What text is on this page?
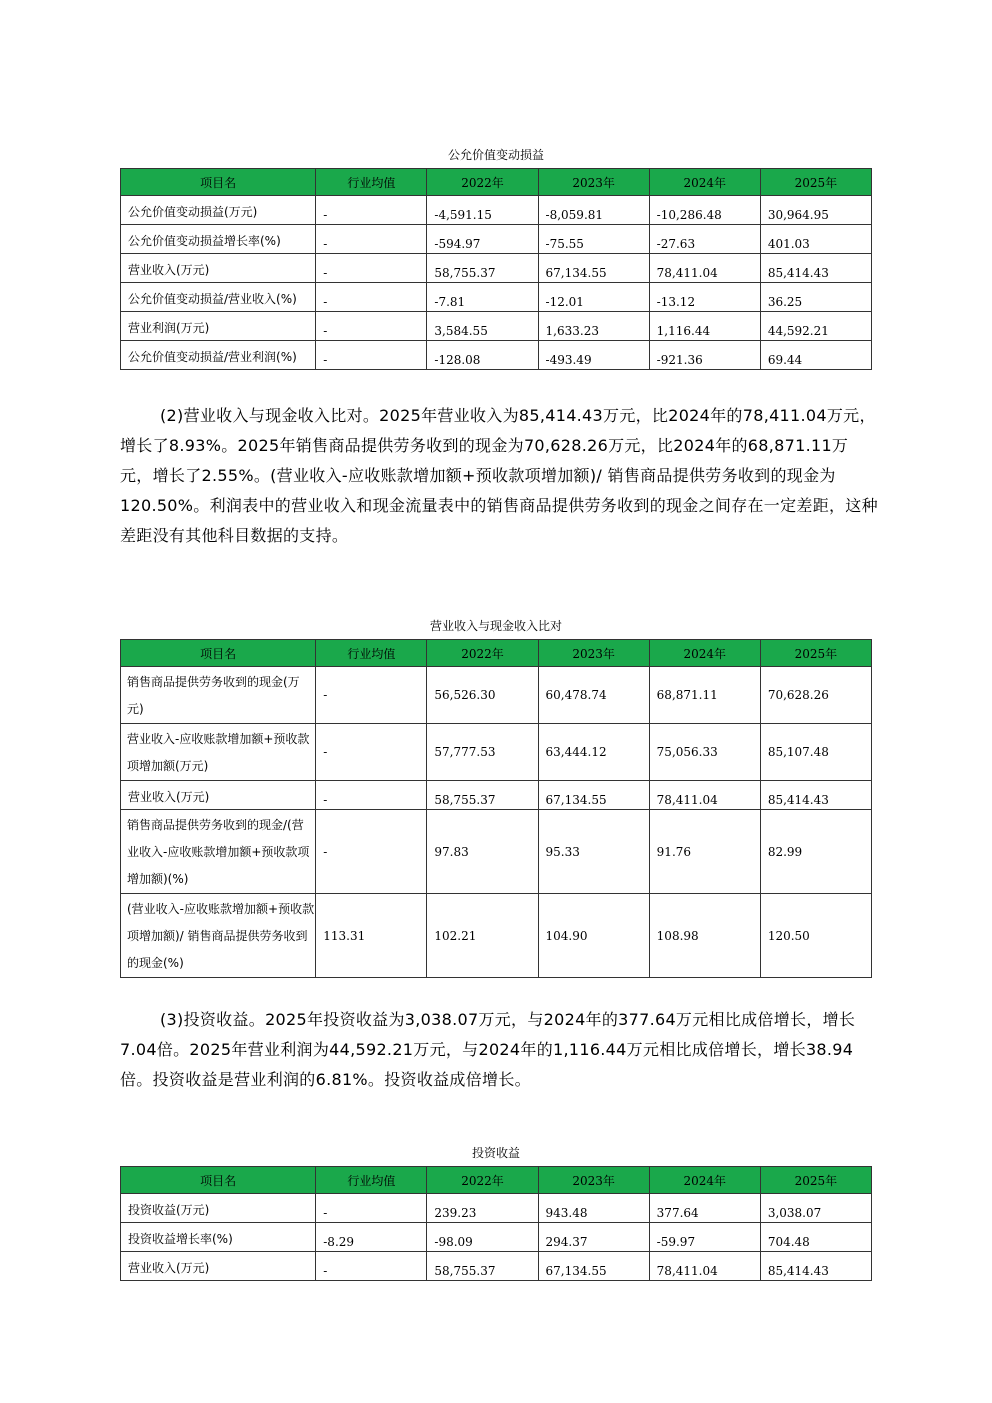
公允价值变动损益
项目名	行业均值	2022年	2023年	2024年	2025年
公允价值变动损益(万元)	-	-4,591.15	-8,059.81	-10,286.48	30,964.95
公允价值变动损益增长率(%)	-	-594.97	-75.55	-27.63	401.03
营业收入(万元)	-	58,755.37	67,134.55	78,411.04	85,414.43
公允价值变动损益/营业收入(%)	-	-7.81	-12.01	-13.12	36.25
营业利润(万元)	-	3,584.55	1,633.23	1,116.44	44,592.21
公允价值变动损益/营业利润(%)	-	-128.08	-493.49	-921.36	69.44
(2)营业收入与现金收入比对。2025年营业收入为85,414.43万元，比2024年的78,411.04万元，增长了8.93%。2025年销售商品提供劳务收到的现金为70,628.26万元，比2024年的68,871.11万元，增长了2.55%。(营业收入-应收账款增加额+预收款项增加额)/ 销售商品提供劳务收到的现金为120.50%。利润表中的营业收入和现金流量表中的销售商品提供劳务收到的现金之间存在一定差距，这种差距没有其他科目数据的支持。
营业收入与现金收入比对
项目名	行业均值	2022年	2023年	2024年	2025年
销售商品提供劳务收到的现金(万元)	-	56,526.30	60,478.74	68,871.11	70,628.26
营业收入-应收账款增加额+预收款项增加额(万元)	-	57,777.53	63,444.12	75,056.33	85,107.48
营业收入(万元)	-	58,755.37	67,134.55	78,411.04	85,414.43
销售商品提供劳务收到的现金/(营业收入-应收账款增加额+预收款项增加额)(%)	-	97.83	95.33	91.76	82.99
(营业收入-应收账款增加额+预收款项增加额)/ 销售商品提供劳务收到的现金(%)	113.31	102.21	104.90	108.98	120.50
(3)投资收益。2025年投资收益为3,038.07万元，与2024年的377.64万元相比成倍增长，增长7.04倍。2025年营业利润为44,592.21万元，与2024年的1,116.44万元相比成倍增长，增长38.94倍。投资收益是营业利润的6.81%。投资收益成倍增长。
投资收益
项目名	行业均值	2022年	2023年	2024年	2025年
投资收益(万元)	-	239.23	943.48	377.64	3,038.07
投资收益增长率(%)	-8.29	-98.09	294.37	-59.97	704.48
营业收入(万元)	-	58,755.37	67,134.55	78,411.04	85,414.43
